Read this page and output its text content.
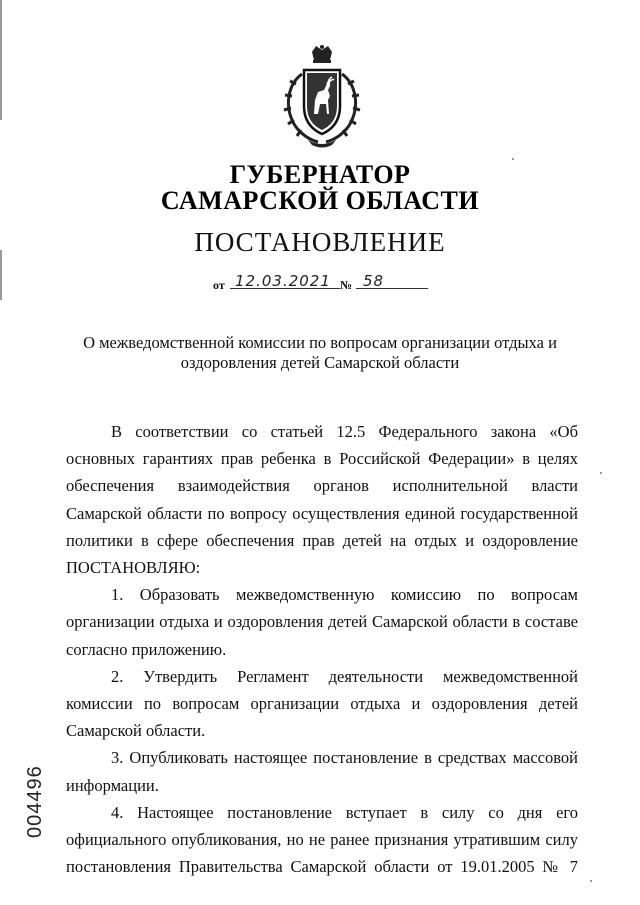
ГУБЕРНАТОР
САМАРСКОЙ ОБЛАСТИ
ПОСТАНОВЛЕНИЕ
от 12.03.2021 № 58
О межведомственной комиссии по вопросам организации отдыха и
оздоровления детей Самарской области

В соответствии со статьей 12.5 Федерального закона «Об основных гарантиях прав ребенка в Российской Федерации» в целях обеспечения взаимодействия органов исполнительной власти Самарской области по вопросу осуществления единой государственной политики в сфере обеспечения прав детей на отдых и оздоровление ПОСТАНОВЛЯЮ:

1. Образовать межведомственную комиссию по вопросам организации отдыха и оздоровления детей Самарской области в составе согласно приложению.

2. Утвердить Регламент деятельности межведомственной комиссии по вопросам организации отдыха и оздоровления детей Самарской области.

3. Опубликовать настоящее постановление в средствах массовой информации.

4. Настоящее постановление вступает в силу со дня его официального опубликования, но не ранее признания утратившим силу постановления Правительства Самарской области от 19.01.2005 № 7

004496
